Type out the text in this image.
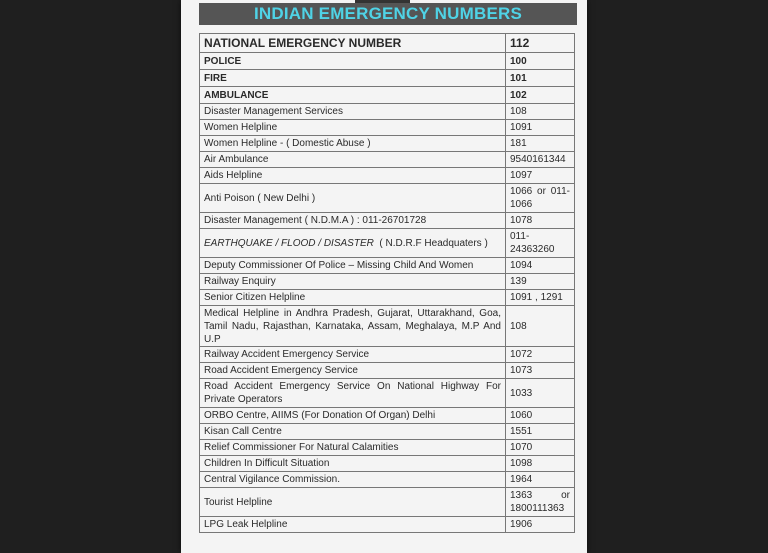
INDIAN EMERGENCY NUMBERS
NATIONAL EMERGENCY NUMBER	112
POLICE	100
FIRE	101
AMBULANCE	102
Disaster Management Services	108
Women Helpline	1091
Women Helpline - ( Domestic Abuse )	181
Air Ambulance	9540161344
Aids Helpline	1097
Anti Poison ( New Delhi )	1066 or 011-1066
Disaster Management ( N.D.M.A ) : 011-26701728	1078
EARTHQUAKE / FLOOD / DISASTER ( N.D.R.F Headquaters )	011-24363260
Deputy Commissioner Of Police – Missing Child And Women	1094
Railway Enquiry	139
Senior Citizen Helpline	1091 , 1291
Medical Helpline in Andhra Pradesh, Gujarat, Uttarakhand, Goa, Tamil Nadu, Rajasthan, Karnataka, Assam, Meghalaya, M.P And U.P	108
Railway Accident Emergency Service	1072
Road Accident Emergency Service	1073
Road Accident Emergency Service On National Highway For Private Operators	1033
ORBO Centre, AIIMS (For Donation Of Organ) Delhi	1060
Kisan Call Centre	1551
Relief Commissioner For Natural Calamities	1070
Children In Difficult Situation	1098
Central Vigilance Commission.	1964
Tourist Helpline	1363 or 1800111363
LPG Leak Helpline	1906
